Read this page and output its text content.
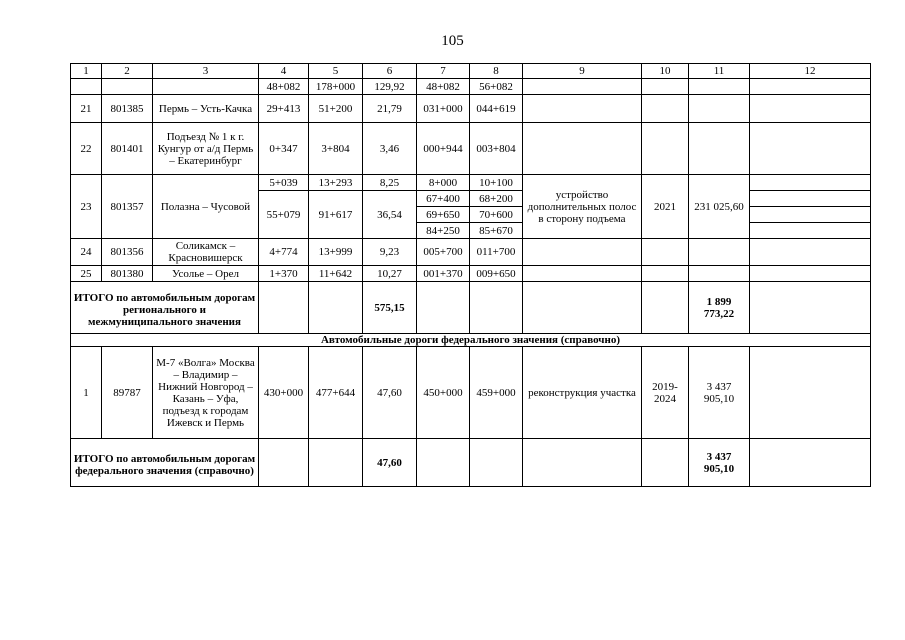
105
1	2	3	4	5	6	7	8	9	10	11	12
			48+082	178+000	129,92	48+082	56+082				
21	801385	Пермь – Усть-Качка	29+413	51+200	21,79	031+000	044+619				
22	801401	Подъезд № 1 к г. Кунгур от а/д Пермь – Екатеринбург	0+347	3+804	3,46	000+944	003+804				
23	801357	Полазна – Чусовой	5+039	13+293	8,25	8+000	10+100	устройство дополнительных полос в сторону подъема	2021	231 025,60	
			55+079	91+617	36,54	67+400	68+200				
						69+650	70+600				
						84+250	85+670				
24	801356	Соликамск – Красновишерск	4+774	13+999	9,23	005+700	011+700				
25	801380	Усолье – Орел	1+370	11+642	10,27	001+370	009+650				
ИТОГО по автомобильным дорогам регионального и межмуниципального значения					575,15					1 899 773,22	
Автомобильные дороги федерального значения (справочно)											
1	89787	М-7 «Волга» Москва – Владимир – Нижний Новгород – Казань – Уфа, подъезд к городам Ижевск и Пермь	430+000	477+644	47,60	450+000	459+000	реконструкция участка	2019-2024	3 437 905,10	
ИТОГО по автомобильным дорогам федерального значения (справочно)					47,60					3 437 905,10	
